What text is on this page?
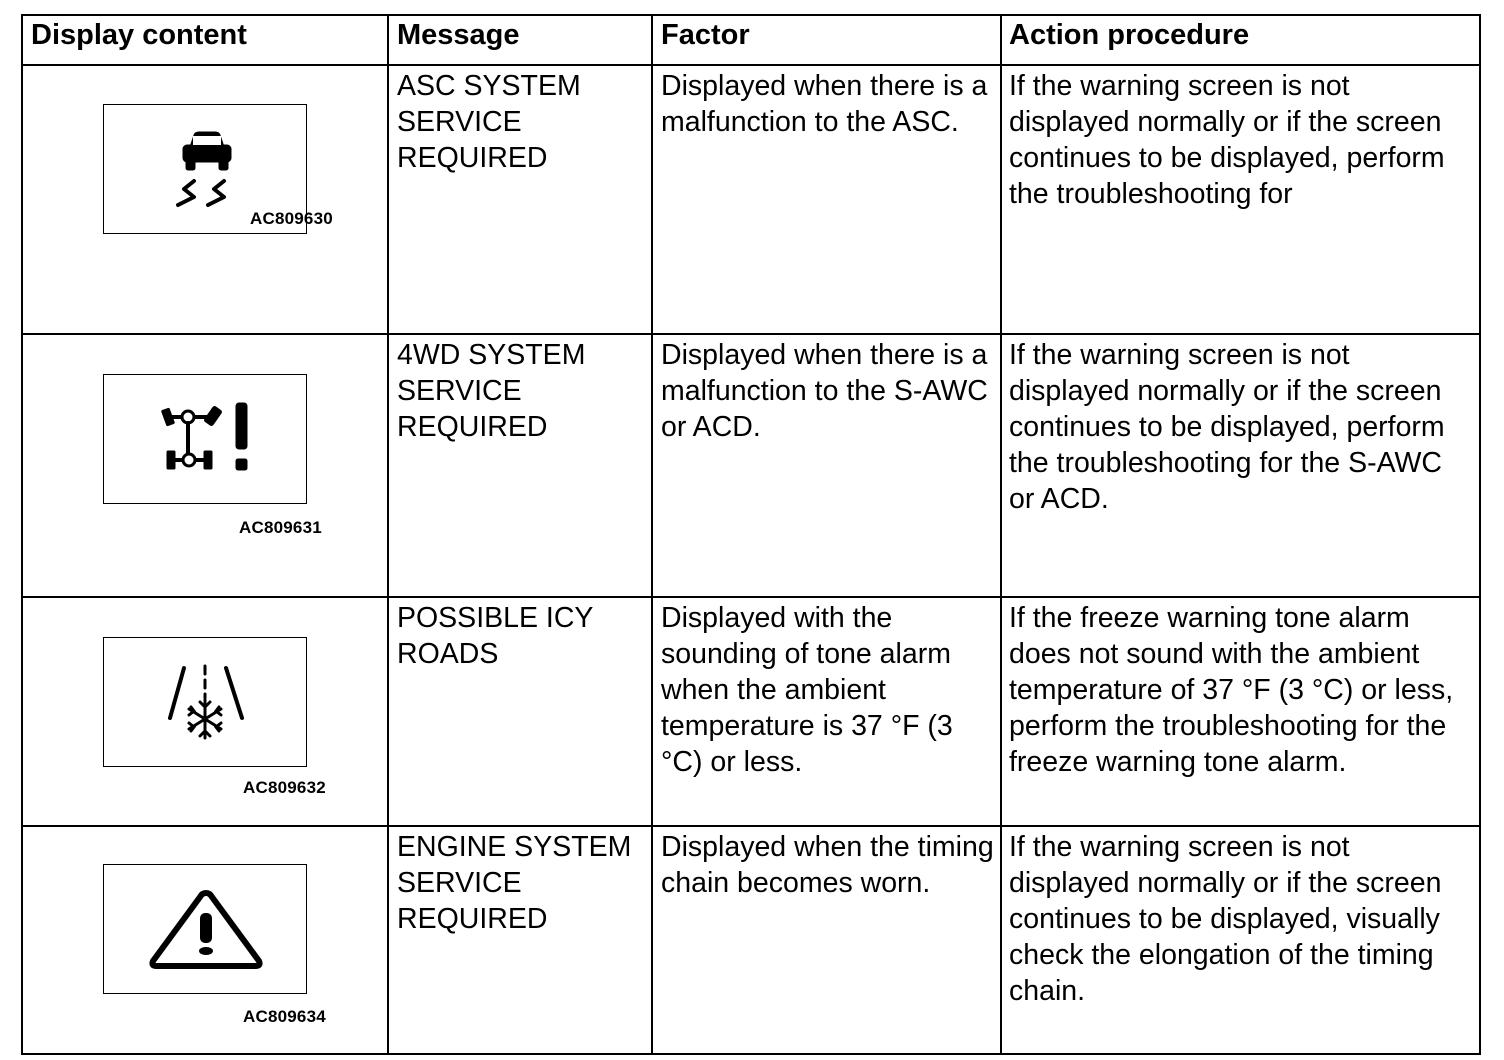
Display content	Message	Factor	Action procedure

AC809630	ASC SYSTEM SERVICE REQUIRED	Displayed when there is a malfunction to the ASC.	If the warning screen is not displayed normally or if the screen continues to be displayed, perform the troubleshooting for

AC809631	4WD SYSTEM SERVICE REQUIRED	Displayed when there is a malfunction to the S-AWC or ACD.	If the warning screen is not displayed normally or if the screen continues to be displayed, perform the troubleshooting for the S-AWC or ACD.

AC809632	POSSIBLE ICY ROADS	Displayed with the sounding of tone alarm when the ambient temperature is 37 °F (3 °C) or less.	If the freeze warning tone alarm does not sound with the ambient temperature of 37 °F (3 °C) or less, perform the troubleshooting for the freeze warning tone alarm.

AC809634	ENGINE SYSTEM SERVICE REQUIRED	Displayed when the timing chain becomes worn.	If the warning screen is not displayed normally or if the screen continues to be displayed, visually check the elongation of the timing chain.
